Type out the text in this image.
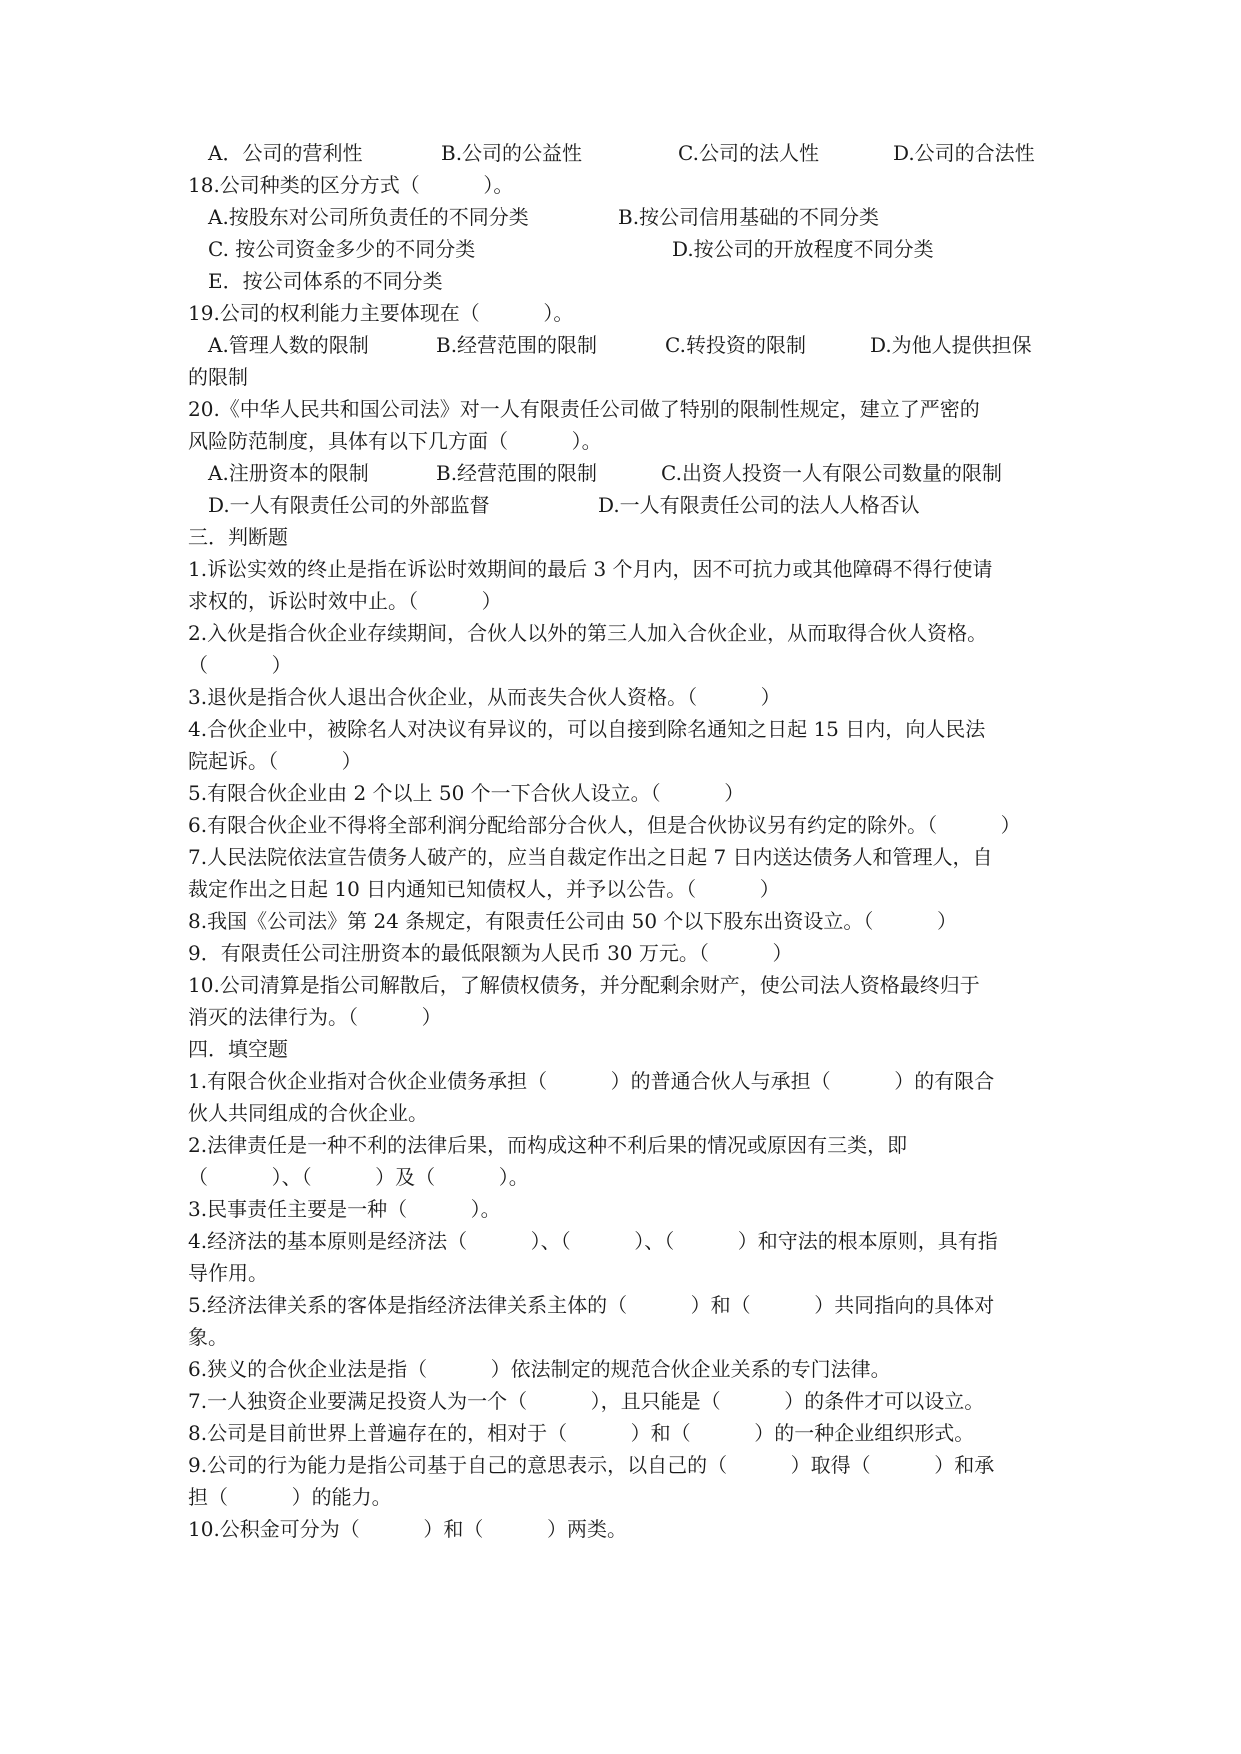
A．公司的营利性	B.公司的公益性	C.公司的法人性	D.公司的合法性
18.公司种类的区分方式（          ）。
A.按股东对公司所负责任的不同分类	B.按公司信用基础的不同分类
C. 按公司资金多少的不同分类	D.按公司的开放程度不同分类
E．按公司体系的不同分类
19.公司的权利能力主要体现在（          ）。
A.管理人数的限制	B.经营范围的限制	C.转投资的限制	D.为他人提供担保
的限制
20.《中华人民共和国公司法》对一人有限责任公司做了特别的限制性规定，建立了严密的
风险防范制度，具体有以下几方面（          ）。
A.注册资本的限制	B.经营范围的限制	C.出资人投资一人有限公司数量的限制
D.一人有限责任公司的外部监督	D.一人有限责任公司的法人人格否认
三．判断题
1.诉讼实效的终止是指在诉讼时效期间的最后 3 个月内，因不可抗力或其他障碍不得行使请
求权的，诉讼时效中止。（          ）
2.入伙是指合伙企业存续期间，合伙人以外的第三人加入合伙企业，从而取得合伙人资格。
（          ）
3.退伙是指合伙人退出合伙企业，从而丧失合伙人资格。（          ）
4.合伙企业中，被除名人对决议有异议的，可以自接到除名通知之日起 15 日内，向人民法
院起诉。（          ）
5.有限合伙企业由 2 个以上 50 个一下合伙人设立。（          ）
6.有限合伙企业不得将全部利润分配给部分合伙人，但是合伙协议另有约定的除外。（          ）
7.人民法院依法宣告债务人破产的，应当自裁定作出之日起 7 日内送达债务人和管理人，自
裁定作出之日起 10 日内通知已知债权人，并予以公告。（          ）
8.我国《公司法》第 24 条规定，有限责任公司由 50 个以下股东出资设立。（          ）
9．有限责任公司注册资本的最低限额为人民币 30 万元。（          ）
10.公司清算是指公司解散后，了解债权债务，并分配剩余财产，使公司法人资格最终归于
消灭的法律行为。（          ）
四．填空题
1.有限合伙企业指对合伙企业债务承担（          ）的普通合伙人与承担（          ）的有限合
伙人共同组成的合伙企业。
2.法律责任是一种不利的法律后果，而构成这种不利后果的情况或原因有三类，即
（          ）、（          ）及（          ）。
3.民事责任主要是一种（          ）。
4.经济法的基本原则是经济法（          ）、（          ）、（          ）和守法的根本原则，具有指
导作用。
5.经济法律关系的客体是指经济法律关系主体的（          ）和（          ）共同指向的具体对
象。
6.狭义的合伙企业法是指（          ）依法制定的规范合伙企业关系的专门法律。
7.一人独资企业要满足投资人为一个（          ），且只能是（          ）的条件才可以设立。
8.公司是目前世界上普遍存在的，相对于（          ）和（          ）的一种企业组织形式。
9.公司的行为能力是指公司基于自己的意思表示，以自己的（          ）取得（          ）和承
担（          ）的能力。
10.公积金可分为（          ）和（          ）两类。
